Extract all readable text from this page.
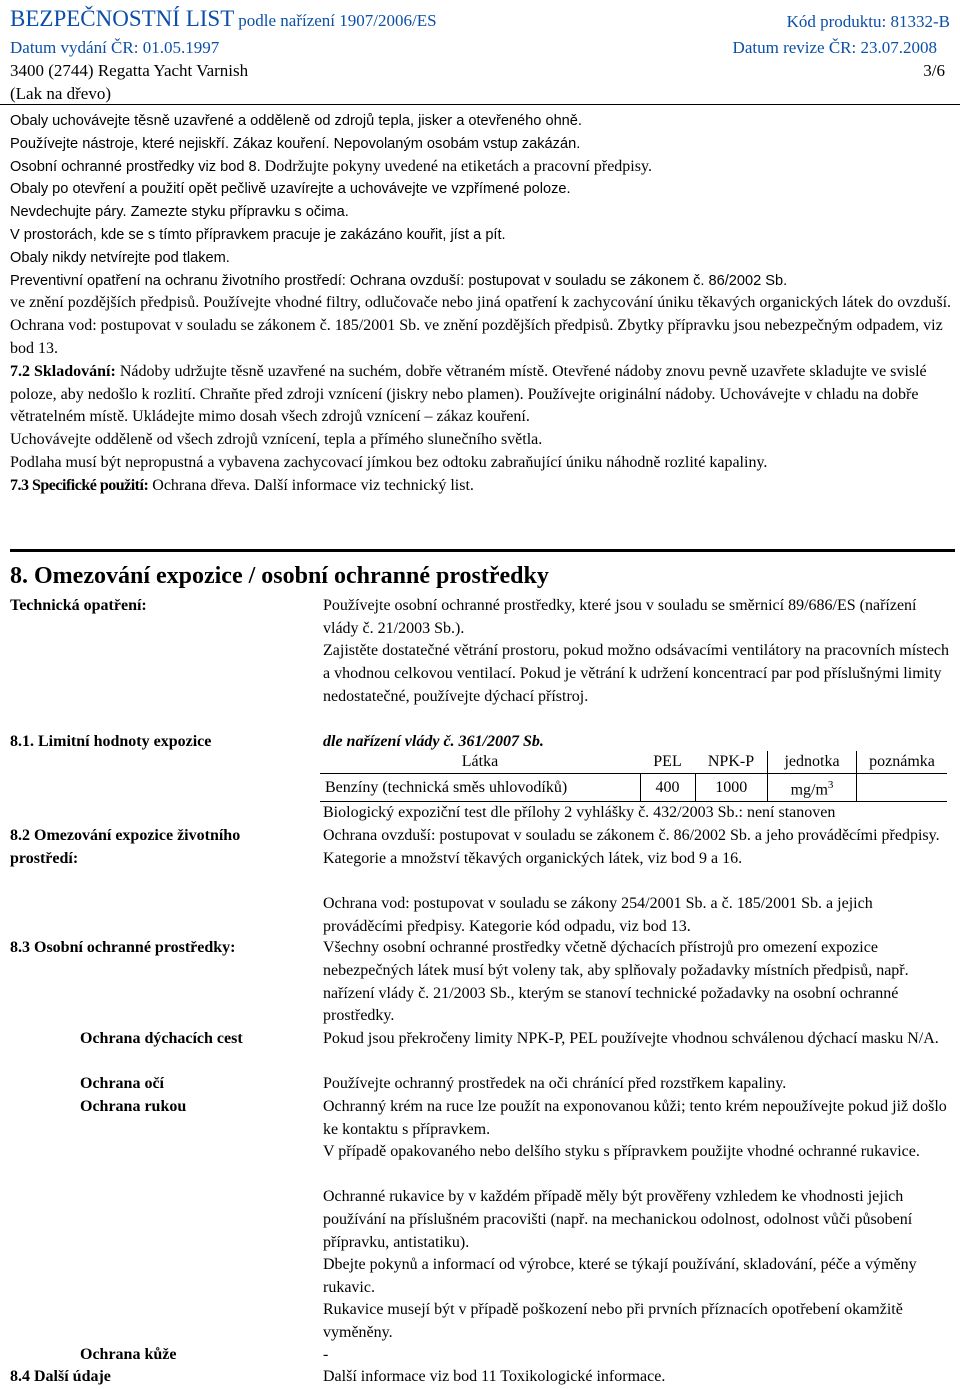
BEZPEČNOSTNÍ LIST podle nařízení 1907/2006/ES	Kód produktu: 81332-B
Datum vydání ČR: 01.05.1997	Datum revize ČR: 23.07.2008
3400 (2744) Regatta Yacht Varnish	3/6
(Lak na dřevo)

Obaly uchovávejte těsně uzavřené a odděleně od zdrojů tepla, jisker a otevřeného ohně.

Používejte nástroje, které nejiskří. Zákaz kouření. Nepovolaným osobám vstup zakázán.

Osobní ochranné prostředky viz bod 8. Dodržujte pokyny uvedené na etiketách a pracovní předpisy.

Obaly po otevření a použití opět pečlivě uzavírejte a uchovávejte ve vzpřímené poloze.

Nevdechujte páry. Zamezte styku přípravku s očima.

V prostorách, kde se s tímto přípravkem pracuje je zakázáno kouřit, jíst a pít.

Obaly nikdy netvírejte pod tlakem.

Preventivní opatření na ochranu životního prostředí: Ochrana ovzduší: postupovat v souladu se zákonem č. 86/2002 Sb.

ve znění pozdějších předpisů. Používejte vhodné filtry, odlučovače nebo jiná opatření k zachycování úniku těkavých organických látek do ovzduší.

Ochrana vod: postupovat v souladu se zákonem č. 185/2001 Sb. ve znění pozdějších předpisů. Zbytky přípravku jsou nebezpečným odpadem, viz bod 13.

7.2 Skladování: Nádoby udržujte těsně uzavřené na suchém, dobře větraném místě. Otevřené nádoby znovu pevně uzavřete skladujte ve svislé poloze, aby nedošlo k rozlití. Chraňte před zdroji vznícení (jiskry nebo plamen). Používejte originální nádoby. Uchovávejte v chladu na dobře větratelném místě. Ukládejte mimo dosah všech zdrojů vznícení – zákaz kouření.

Uchovávejte odděleně od všech zdrojů vznícení, tepla a přímého slunečního světla.

Podlaha musí být nepropustná a vybavena zachycovací jímkou bez odtoku zabraňující úniku náhodně rozlité kapaliny.

7.3 Specifické použití: Ochrana dřeva. Další informace viz technický list.

8. Omezování expozice / osobní ochranné prostředky
Technická opatření:	Používejte osobní ochranné prostředky, které jsou v souladu se směrnicí 89/686/ES (nařízení vlády č. 21/2003 Sb.).
Zajistěte dostatečné větrání prostoru, pokud možno odsávacími ventilátory na pracovních místech a vhodnou celkovou ventilací. Pokud je větrání k udržení koncentrací par pod příslušnými limity nedostatečné, používejte dýchací přístroj.
8.1. Limitní hodnoty expozice	dle nařízení vlády č. 361/2007 Sb.
Látka	PEL	NPK-P	jednotka	poznámka
Benzíny (technická směs uhlovodíků)	400	1000	$mg/m^3$	
Biologický expoziční test dle přílohy 2 vyhlášky č. 432/2003 Sb.: není stanoven
8.2 Omezování expozice životního prostředí:
Ochrana ovzduší: postupovat v souladu se zákonem č. 86/2002 Sb. a jeho prováděcími předpisy. Kategorie a množství těkavých organických látek, viz bod 9 a 16.
Ochrana vod: postupovat v souladu se zákony 254/2001 Sb. a č. 185/2001 Sb. a jejich prováděcími předpisy. Kategorie kód odpadu, viz bod 13.
8.3 Osobní ochranné prostředky:	Všechny osobní ochranné prostředky včetně dýchacích přístrojů pro omezení expozice nebezpečných látek musí být voleny tak, aby splňovaly požadavky místních předpisů, např. nařízení vlády č. 21/2003 Sb., kterým se stanoví technické požadavky na osobní ochranné prostředky.
Ochrana dýchacích cest	Pokud jsou překročeny limity NPK-P, PEL používejte vhodnou schválenou dýchací masku N/A.
Ochrana očí	Používejte ochranný prostředek na oči chránící před rozstřkem kapaliny.
Ochrana rukou	Ochranný krém na ruce lze použít na exponovanou kůži; tento krém nepoužívejte pokud již došlo ke kontaktu s přípravkem.
V případě opakovaného nebo delšího styku s přípravkem použijte vhodné ochranné rukavice.
Ochranné rukavice by v každém případě měly být prověřeny vzhledem ke vhodnosti jejich používání na příslušném pracovišti (např. na mechanickou odolnost, odolnost vůči působení přípravku, antistatiku).
Dbejte pokynů a informací od výrobce, které se týkají používání, skladování, péče a výměny rukavic.
Rukavice musejí být v případě poškození nebo při prvních příznacích opotřebení okamžitě vyměněny.
Ochrana kůže	-
8.4 Další údaje	Další informace viz bod 11 Toxikologické informace.
